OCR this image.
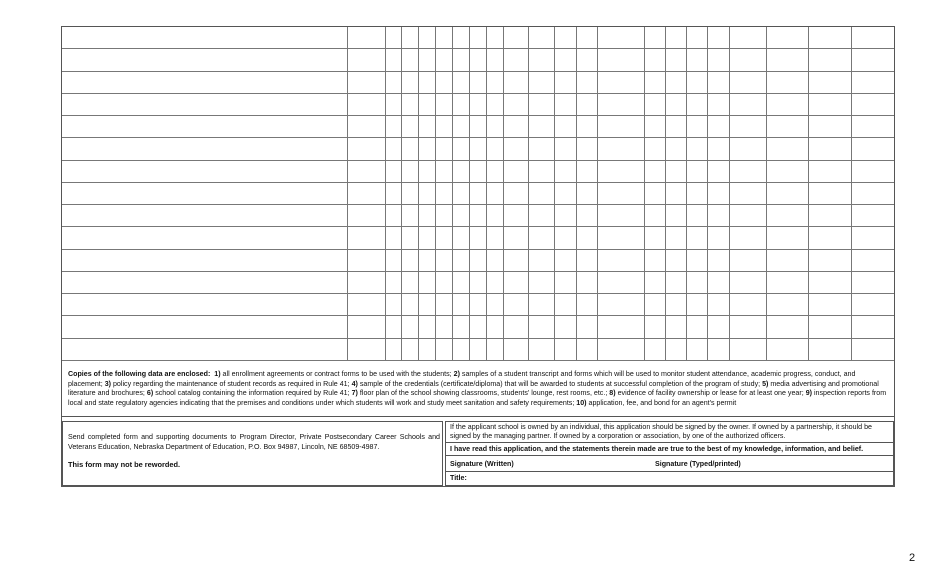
Copies of the following data are enclosed:  1) all enrollment agreements or contract forms to be used with the students; 2) samples of a student transcript and forms which will be used to monitor student attendance, academic progress, conduct, and placement; 3) policy regarding the maintenance of student records as required in Rule 41; 4) sample of the credentials (certificate/diploma) that will be awarded to students at successful completion of the program of study; 5) media advertising and promotional literature and brochures; 6) school catalog containing the information required by Rule 41; 7) floor plan of the school showing classrooms, students' lounge, rest rooms, etc.; 8) evidence of facility ownership or lease for at least one year; 9) inspection reports from local and state regulatory agencies indicating that the premises and conditions under which students will work and study meet sanitation and safety requirements; 10) application, fee, and bond for an agent's permit
Send completed form and supporting documents to Program Director, Private Postsecondary Career Schools and Veterans Education, Nebraska Department of Education, P.O. Box 94987, Lincoln, NE 68509-4987.
This form may not be reworded.
If the applicant school is owned by an individual, this application should be signed by the owner. If owned by a partnership, it should be signed by the managing partner. If owned by a corporation or association, by one of the authorized officers.
I have read this application, and the statements therein made are true to the best of my knowledge, information, and belief.
Signature (Written)	Signature (Typed/printed)
Title:
2
